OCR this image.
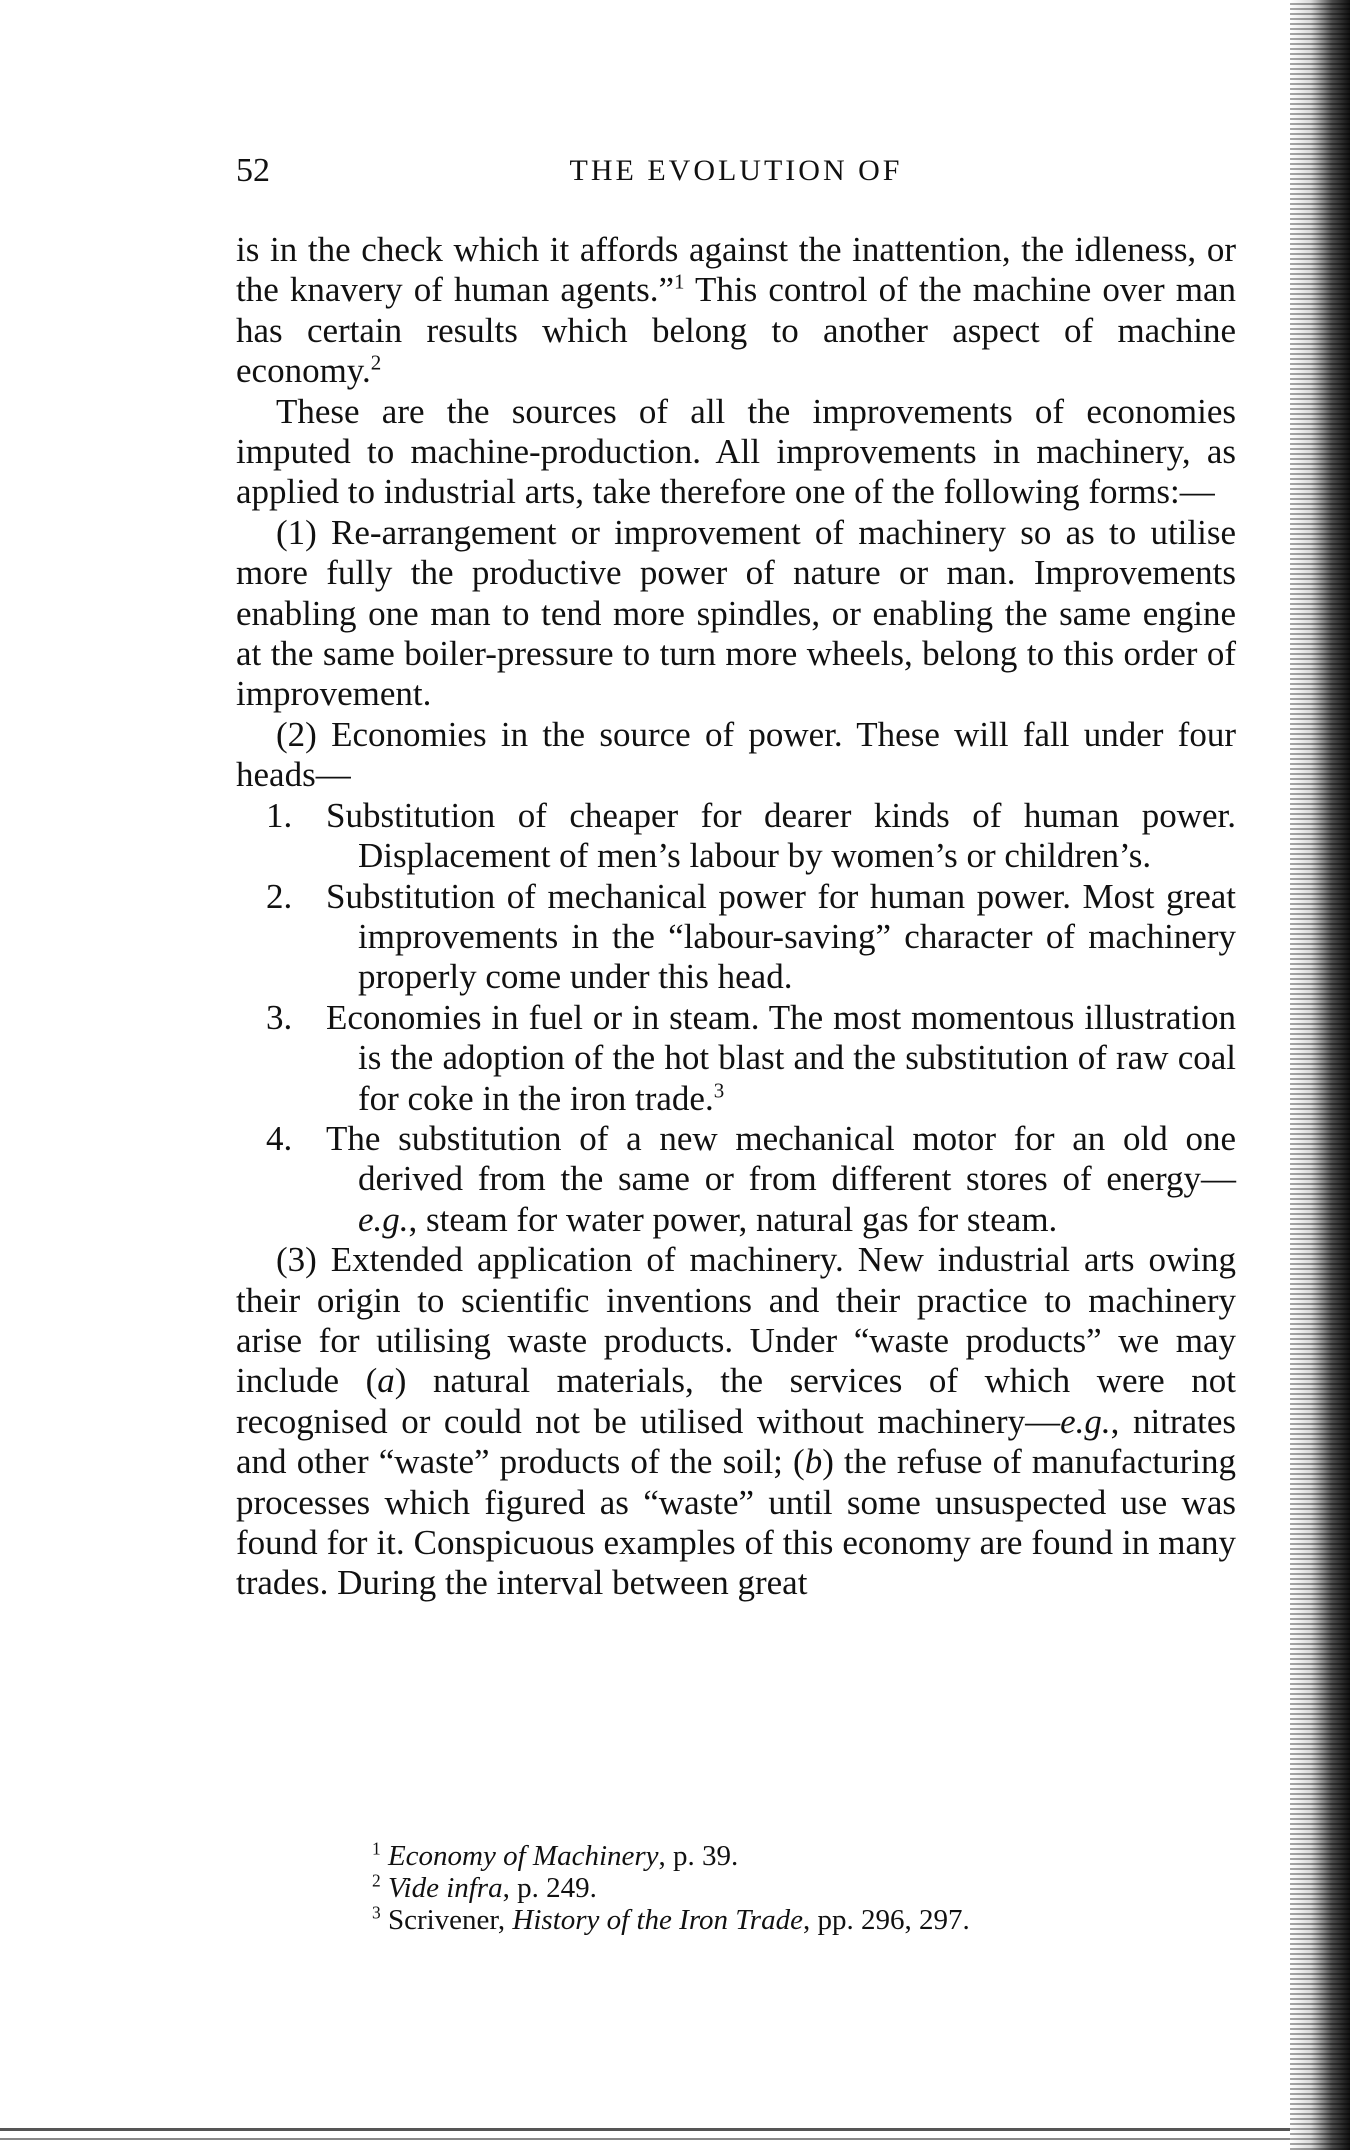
52	THE EVOLUTION OF

is in the check which it affords against the inattention, the idleness, or the knavery of human agents.”$^1$ This control of the machine over man has certain results which belong to another aspect of machine economy.$^2$

These are the sources of all the improvements of economies imputed to machine-production. All improvements in machinery, as applied to industrial arts, take therefore one of the following forms:—

(1) Re-arrangement or improvement of machinery so as to utilise more fully the productive power of nature or man. Improvements enabling one man to tend more spindles, or enabling the same engine at the same boiler-pressure to turn more wheels, belong to this order of improvement.

(2) Economies in the source of power. These will fall under four heads—

1. Substitution of cheaper for dearer kinds of human power. Displacement of men’s labour by women’s or children’s.
2. Substitution of mechanical power for human power. Most great improvements in the “labour-saving” character of machinery properly come under this head.
3. Economies in fuel or in steam. The most momentous illustration is the adoption of the hot blast and the substitution of raw coal for coke in the iron trade.$^3$
4. The substitution of a new mechanical motor for an old one derived from the same or from different stores of energy—e.g., steam for water power, natural gas for steam.

(3) Extended application of machinery. New industrial arts owing their origin to scientific inventions and their practice to machinery arise for utilising waste products. Under “waste products” we may include (a) natural materials, the services of which were not recognised or could not be utilised without machinery—e.g., nitrates and other “waste” products of the soil; (b) the refuse of manufacturing processes which figured as “waste” until some unsuspected use was found for it. Conspicuous examples of this economy are found in many trades. During the interval between great

$^1$ Economy of Machinery, p. 39.

$^2$ Vide infra, p. 249.

$^3$ Scrivener, History of the Iron Trade, pp. 296, 297.
